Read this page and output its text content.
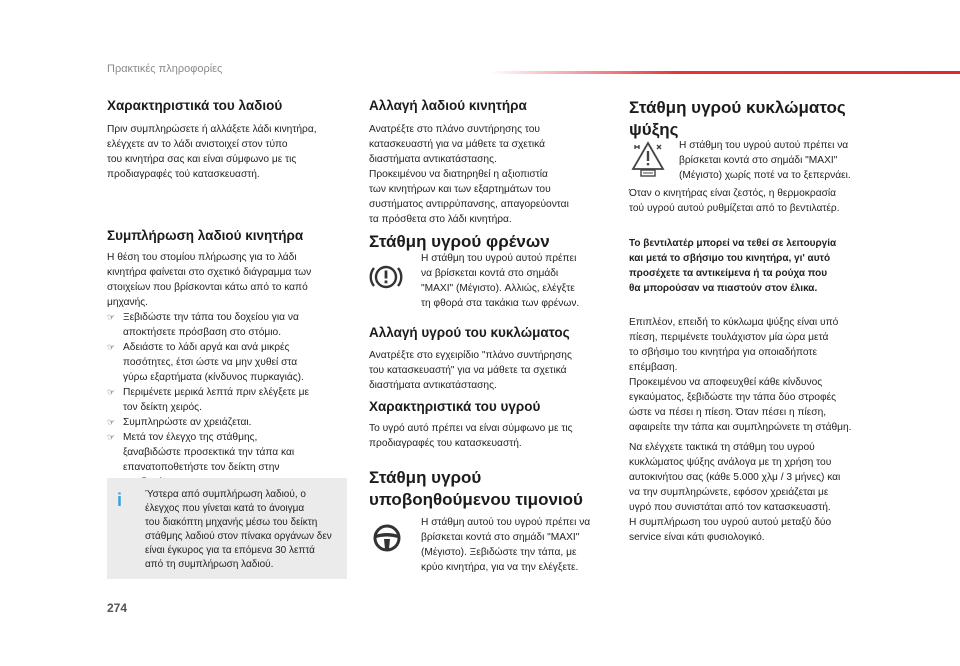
Πρακτικές πληροφορίες
Χαρακτηριστικά του λαδιού

Πριν συμπληρώσετε ή αλλάξετε λάδι κινητήρα,

ελέγχετε αν το λάδι ανιστοιχεί στον τύπο

του κινητήρα σας και είναι σύμφωνο με τις

προδιαγραφές τού κατασκευαστή.

Συμπλήρωση λαδιού κινητήρα

Η θέση του στομίου πλήρωσης για το λάδι

κινητήρα φαίνεται στο σχετικό διάγραμμα των

στοιχείων που βρίσκονται κάτω από το καπό

μηχανής.

☞ Ξεβιδώστε την τάπα του δοχείου για να
αποκτήσετε πρόσβαση στο στόμιο.
☞ Αδειάστε το λάδι αργά και ανά μικρές
ποσότητες, έτσι ώστε να μην χυθεί στα
γύρω εξαρτήματα (κίνδυνος πυρκαγιάς).
☞ Περιμένετε μερικά λεπτά πριν ελέγξετε με
τον δείκτη χειρός.
☞ Συμπληρώστε αν χρειάζεται.
☞ Μετά τον έλεγχο της στάθμης,
ξαναβιδώστε προσεκτικά την τάπα και
επανατοποθετήστε τον δείκτη στην

i Ύστερα από συμπλήρωση λαδιού, ο
έλεγχος που γίνεται κατά το άνοιγμα
του διακόπτη μηχανής μέσω του δείκτη
στάθμης λαδιού στον πίνακα οργάνων δεν
είναι έγκυρος για τα επόμενα 30 λεπτά
από τη συμπλήρωση λαδιού.
Αλλαγή λαδιού κινητήρα

Ανατρέξτε στο πλάνο συντήρησης του

κατασκευαστή για να μάθετε τα σχετικά

διαστήματα αντικατάστασης.

Προκειμένου να διατηρηθεί η αξιοπιστία

των κινητήρων και των εξαρτημάτων του

συστήματος αντιρρύπανσης, απαγορεύονται

τα πρόσθετα στο λάδι κινητήρα.

Στάθμη υγρού φρένων

Η στάθμη του υγρού αυτού πρέπει

να βρίσκεται κοντά στο σημάδι

"MAXI" (Μέγιστο). Αλλιώς, ελέγξτε

τη φθορά στα τακάκια των φρένων.

Αλλαγή υγρού του κυκλώματος

Ανατρέξτε στο εγχειρίδιο "πλάνο συντήρησης

του κατασκευαστή" για να μάθετε τα σχετικά

διαστήματα αντικατάστασης.

Χαρακτηριστικά του υγρού

Το υγρό αυτό πρέπει να είναι σύμφωνο με τις

προδιαγραφές του κατασκευαστή.

Στάθμη υγρού
υποβοηθούμενου τιμονιού

Η στάθμη αυτού του υγρού πρέπει να

βρίσκεται κοντά στο σημάδι "MAXI"

(Μέγιστο). Ξεβιδώστε την τάπα, με

κρύο κινητήρα, για να την ελέγξετε.

Στάθμη υγρού κυκλώματος
ψύξης

Η στάθμη του υγρού αυτού πρέπει να

βρίσκεται κοντά στο σημάδι "MAXI"

(Μέγιστο) χωρίς ποτέ να το ξεπερνάει.

Όταν ο κινητήρας είναι ζεστός, η θερμοκρασία

τού υγρού αυτού ρυθμίζεται από το βεντιλατέρ.

Το βεντιλατέρ μπορεί να τεθεί σε λειτουργία
και μετά το σβήσιμο του κινητήρα, γι' αυτό
προσέχετε τα αντικείμενα ή τα ρούχα που
θα μπορούσαν να πιαστούν στον έλικα.

Επιπλέον, επειδή το κύκλωμα ψύξης είναι υπό

πίεση, περιμένετε τουλάχιστον μία ώρα μετά

το σβήσιμο του κινητήρα για οποιαδήποτε

επέμβαση.

Προκειμένου να αποφευχθεί κάθε κίνδυνος

εγκαύματος, ξεβιδώστε την τάπα δύο στροφές

ώστε να πέσει η πίεση. Όταν πέσει η πίεση,

αφαιρείτε την τάπα και συμπληρώνετε τη στάθμη.

Να ελέγχετε τακτικά τη στάθμη του υγρού

κυκλώματος ψύξης ανάλογα με τη χρήση του

αυτοκινήτου σας (κάθε 5.000 χλμ / 3 μήνες) και

να την συμπληρώνετε, εφόσον χρειάζεται με

υγρό που συνιστάται από τον κατασκευαστή.

Η συμπλήρωση του υγρού αυτού μεταξύ δύο

service είναι κάτι φυσιολογικό.

274
